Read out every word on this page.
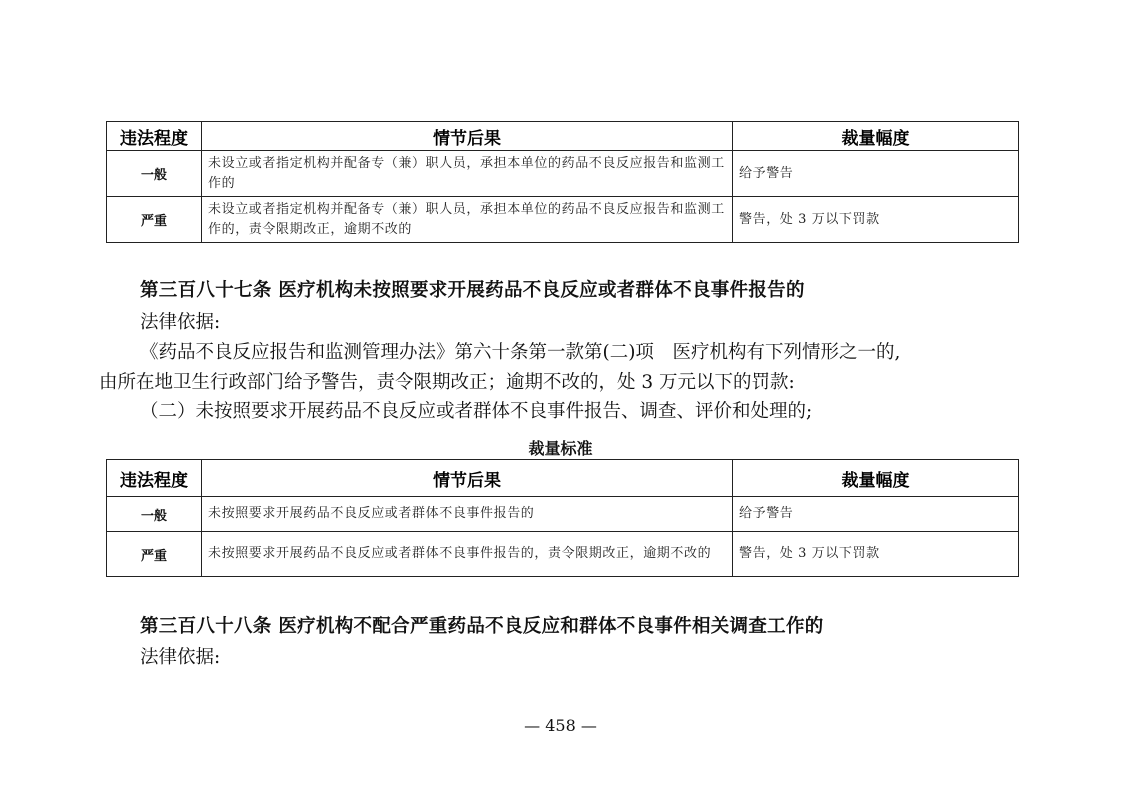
违法程度	情节后果	裁量幅度
一般	未设立或者指定机构并配备专（兼）职人员，承担本单位的药品不良反应报告和监测工作的	给予警告
严重	未设立或者指定机构并配备专（兼）职人员，承担本单位的药品不良反应报告和监测工作的，责令限期改正，逾期不改的	警告，处 3 万以下罚款
第三百八十七条 医疗机构未按照要求开展药品不良反应或者群体不良事件报告的
法律依据:
《药品不良反应报告和监测管理办法》第六十条第一款第(二)项　医疗机构有下列情形之一的,
由所在地卫生行政部门给予警告，责令限期改正；逾期不改的，处 3 万元以下的罚款:
（二）未按照要求开展药品不良反应或者群体不良事件报告、调查、评价和处理的;
裁量标准
违法程度	情节后果	裁量幅度
一般	未按照要求开展药品不良反应或者群体不良事件报告的	给予警告
严重	未按照要求开展药品不良反应或者群体不良事件报告的，责令限期改正，逾期不改的	警告，处 3 万以下罚款
第三百八十八条 医疗机构不配合严重药品不良反应和群体不良事件相关调查工作的
法律依据:
— 458 —
